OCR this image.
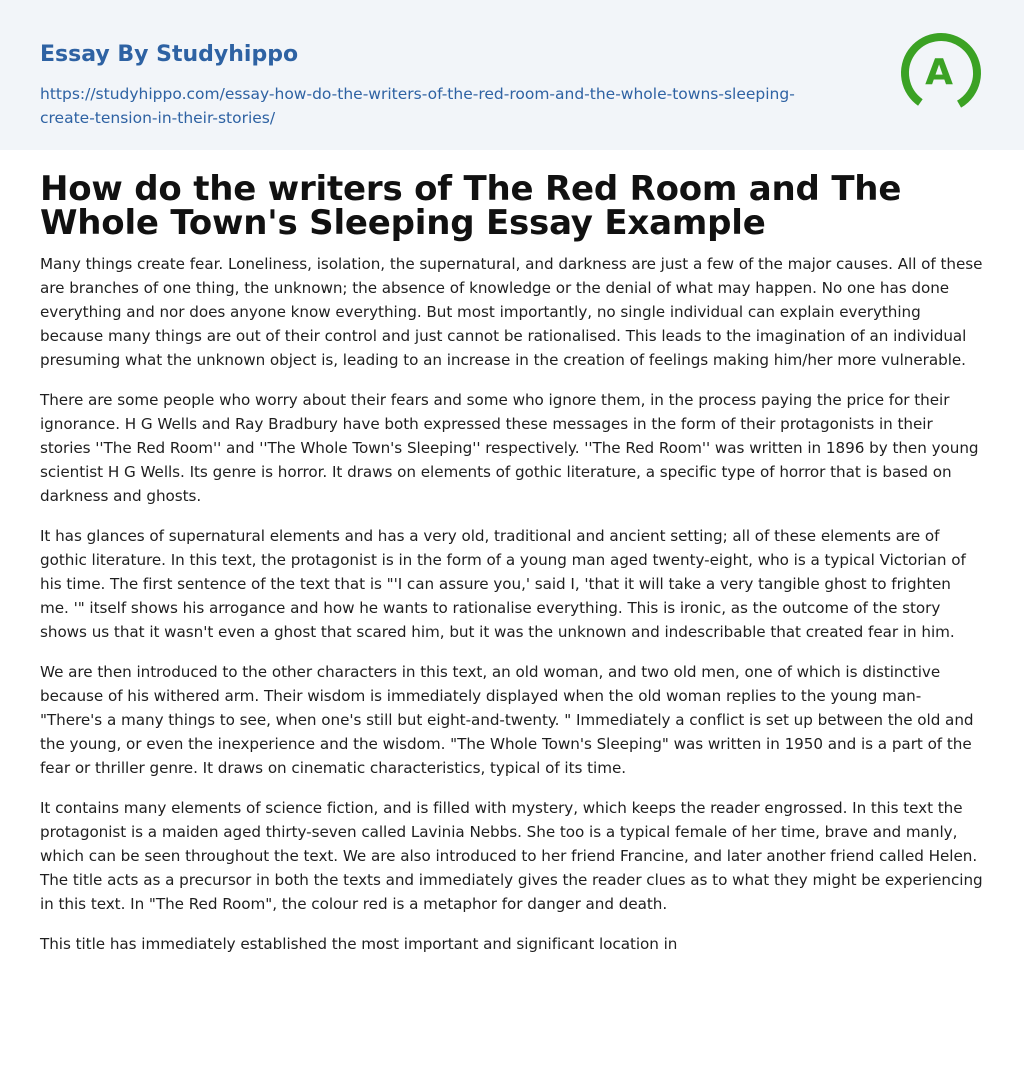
Essay By Studyhippo
https://studyhippo.com/essay-how-do-the-writers-of-the-red-room-and-the-whole-towns-sleeping-create-tension-in-their-stories/
A
How do the writers of The Red Room and The Whole Town's Sleeping Essay Example

Many things create fear. Loneliness, isolation, the supernatural, and darkness are just a few of the major causes. All of these are branches of one thing, the unknown; the absence of knowledge or the denial of what may happen. No one has done everything and nor does anyone know everything. But most importantly, no single individual can explain everything because many things are out of their control and just cannot be rationalised. This leads to the imagination of an individual presuming what the unknown object is, leading to an increase in the creation of feelings making him/her more vulnerable.

There are some people who worry about their fears and some who ignore them, in the process paying the price for their ignorance. H G Wells and Ray Bradbury have both expressed these messages in the form of their protagonists in their stories ''The Red Room'' and ''The Whole Town's Sleeping'' respectively. ''The Red Room'' was written in 1896 by then young scientist H G Wells. Its genre is horror. It draws on elements of gothic literature, a specific type of horror that is based on darkness and ghosts.

It has glances of supernatural elements and has a very old, traditional and ancient setting; all of these elements are of gothic literature. In this text, the protagonist is in the form of a young man aged twenty-eight, who is a typical Victorian of his time. The first sentence of the text that is "'I can assure you,' said I, 'that it will take a very tangible ghost to frighten me. '" itself shows his arrogance and how he wants to rationalise everything. This is ironic, as the outcome of the story shows us that it wasn't even a ghost that scared him, but it was the unknown and indescribable that created fear in him.

We are then introduced to the other characters in this text, an old woman, and two old men, one of which is distinctive because of his withered arm. Their wisdom is immediately displayed when the old woman replies to the young man- "There's a many things to see, when one's still but eight-and-twenty. " Immediately a conflict is set up between the old and the young, or even the inexperience and the wisdom. "The Whole Town's Sleeping" was written in 1950 and is a part of the fear or thriller genre. It draws on cinematic characteristics, typical of its time.

It contains many elements of science fiction, and is filled with mystery, which keeps the reader engrossed. In this text the protagonist is a maiden aged thirty-seven called Lavinia Nebbs. She too is a typical female of her time, brave and manly, which can be seen throughout the text. We are also introduced to her friend Francine, and later another friend called Helen. The title acts as a precursor in both the texts and immediately gives the reader clues as to what they might be experiencing in this text. In "The Red Room", the colour red is a metaphor for danger and death.

This title has immediately established the most important and significant location in
